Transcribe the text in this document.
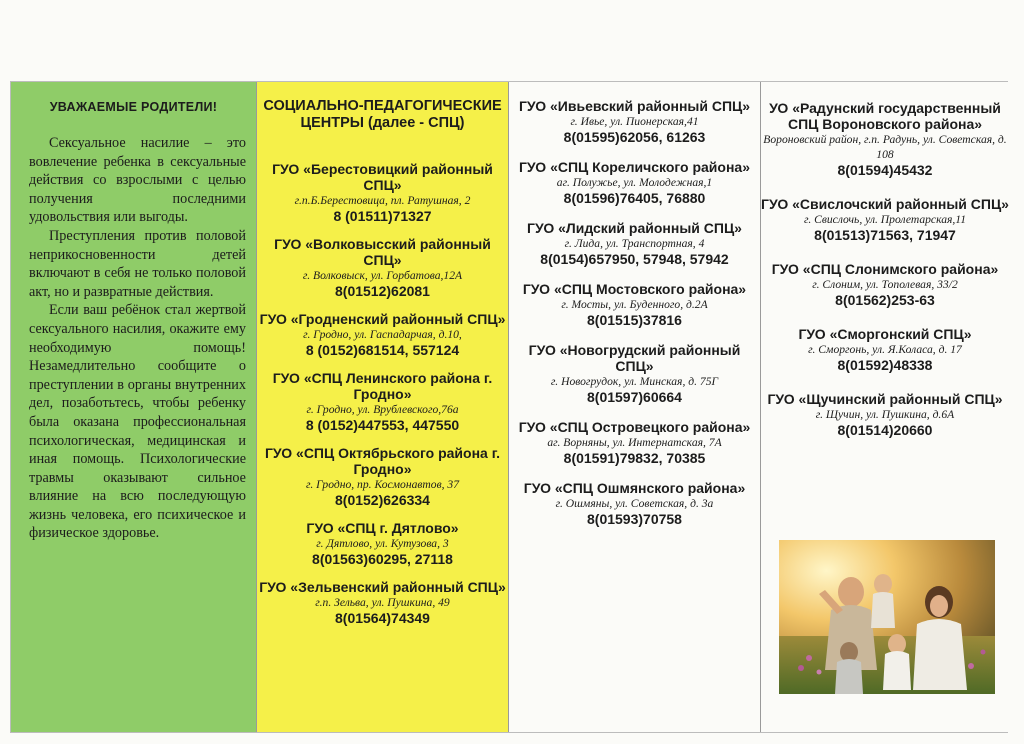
УВАЖАЕМЫЕ РОДИТЕЛИ!

Сексуальное насилие – это вовлечение ребенка в сексуальные действия со взрослыми с целью получения последними удовольствия или выгоды.

Преступления против половой неприкосновенности детей включают в себя не только половой акт, но и развратные действия.

Если ваш ребёнок стал жертвой сексуального насилия, окажите ему необходимую помощь! Незамедлительно сообщите о преступлении в органы внутренних дел, позаботьтесь, чтобы ребенку была оказана профессиональная психологическая, медицинская и иная помощь. Психологические травмы оказывают сильное влияние на всю последующую жизнь человека, его психическое и физическое здоровье.

СОЦИАЛЬНО-ПЕДАГОГИЧЕСКИЕ ЦЕНТРЫ (далее - СПЦ)
ГУО «Берестовицкий районный СПЦ»
г.п.Б.Берестовица, пл. Ратушная, 2
8 (01511)71327
ГУО «Волковысский районный СПЦ»
г. Волковыск, ул. Горбатова,12А
8(01512)62081
ГУО «Гродненский районный СПЦ»
г. Гродно, ул. Гаспадарчая, д.10,
8 (0152)681514, 557124
ГУО «СПЦ Ленинского района г. Гродно»
г. Гродно, ул. Врублевского,76а
8 (0152)447553, 447550
ГУО «СПЦ Октябрьского района г. Гродно»
г. Гродно, пр. Космонавтов, 37
8(0152)626334
ГУО «СПЦ г. Дятлово»
г. Дятлово, ул. Кутузова, 3
8(01563)60295, 27118
ГУО «Зельвенский районный СПЦ»
г.п. Зельва, ул. Пушкина, 49
8(01564)74349
ГУО «Ивьевский районный СПЦ»
г. Ивье, ул. Пионерская,41
8(01595)62056, 61263
ГУО «СПЦ Кореличского района»
аг. Полужье, ул. Молодежная,1
8(01596)76405, 76880
ГУО «Лидский районный СПЦ»
г. Лида, ул. Транспортная, 4
8(0154)657950, 57948, 57942
ГУО «СПЦ Мостовского района»
г. Мосты, ул. Буденного, д.2А
8(01515)37816
ГУО «Новогрудский районный СПЦ»
г. Новогрудок, ул. Минская, д. 75Г
8(01597)60664
ГУО «СПЦ Островецкого района»
аг. Ворняны, ул. Интернатская, 7А
8(01591)79832, 70385
ГУО «СПЦ Ошмянского района»
г. Ошмяны, ул. Советская, д. 3а
8(01593)70758
УО «Радунский государственный СПЦ Вороновского района»
Вороновский район, г.п. Радунь, ул. Советская, д. 108
8(01594)45432
ГУО «Свислочский районный СПЦ»
г. Свислочь, ул. Пролетарская,11
8(01513)71563, 71947
ГУО «СПЦ Слонимского района»
г. Слоним, ул. Тополевая, 33/2
8(01562)253-63
ГУО «Сморгонский СПЦ»
г. Сморгонь, ул. Я.Коласа, д. 17
8(01592)48338
ГУО «Щучинский районный СПЦ»
г. Щучин, ул. Пушкина, д.6А
8(01514)20660
